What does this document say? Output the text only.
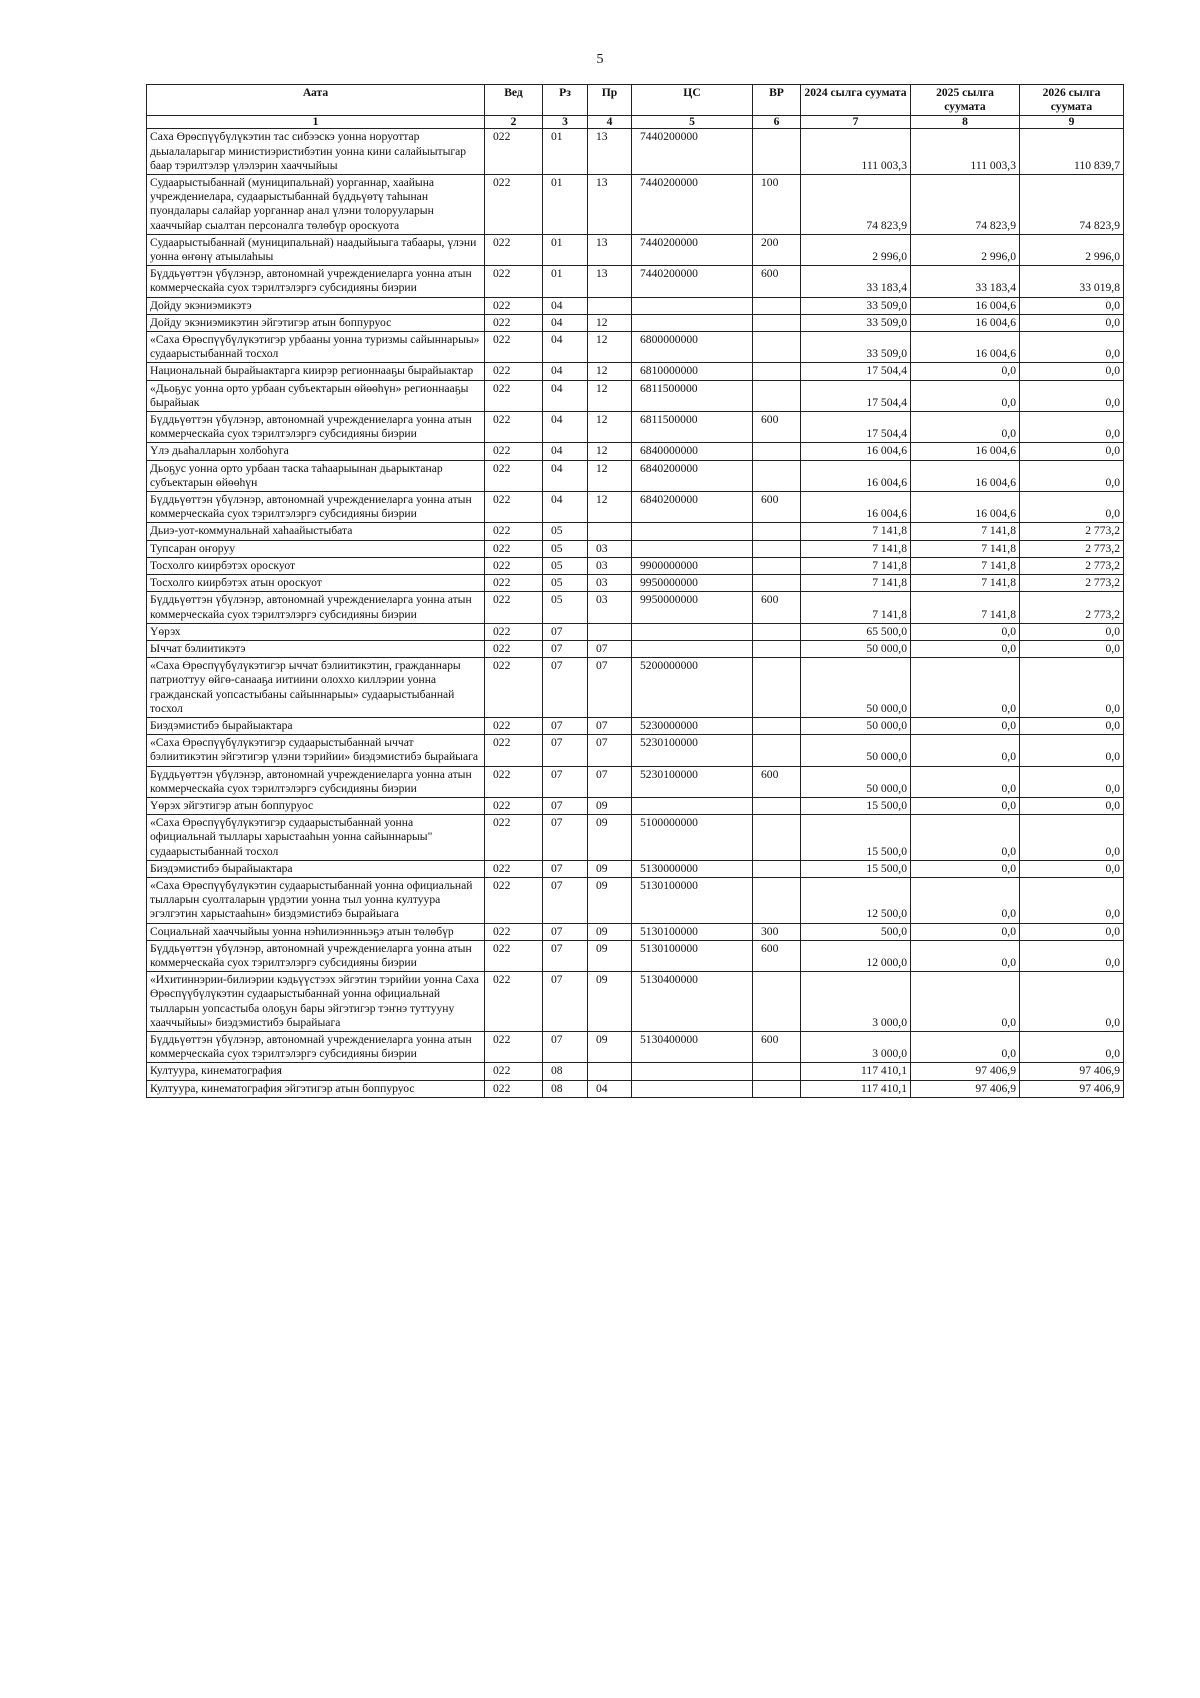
5
Аата	Вед	Рз	Пр	ЦС	ВР	2024 сылга суумата	2025 сылга суумата	2026 сылга суумата
1	2	3	4	5	6	7	8	9
Саха Өрөспүүбүлүкэтин тас сибээскэ уонна норуоттар дьыалаларыгар министиэристибэтин уонна кини салайыытыгар баар тэрилтэлэр үлэлэрин хааччыйыы	022	01	13	7440200000		111 003,3	111 003,3	110 839,7
Судаарыстыбаннай (муниципальнай) уорганнар, хаайына учреждениелара, судаарыстыбаннай бүддьүөтү таһынан пуондалары салайар уорганнар анал үлэни толорууларын хааччыйар сыалтан персоналга төлөбүр ороскуота	022	01	13	7440200000	100	74 823,9	74 823,9	74 823,9
Судаарыстыбаннай (муниципальнай) наадыйыыга табаары, үлэни уонна өҥөнү атыылаһыы	022	01	13	7440200000	200	2 996,0	2 996,0	2 996,0
Бүддьүөттэн үбүлэнэр, автономнай учреждениеларга уонна атын коммерческайа суох тэрилтэлэргэ субсидияны биэрии	022	01	13	7440200000	600	33 183,4	33 183,4	33 019,8
Дойду экэниэмикэтэ	022	04				33 509,0	16 004,6	0,0
Дойду экэниэмикэтин эйгэтигэр атын боппуруос	022	04	12			33 509,0	16 004,6	0,0
«Саха Өрөспүүбүлүкэтигэр урбааны уонна туризмы сайыннарыы» судаарыстыбаннай тосхол	022	04	12	6800000000		33 509,0	16 004,6	0,0
Национальнай бырайыактарга киирэр регионнааҕы бырайыактар	022	04	12	6810000000		17 504,4	0,0	0,0
«Дьоҕус уонна орто урбаан субъектарын өйөөһүн» регионнааҕы бырайыак	022	04	12	6811500000		17 504,4	0,0	0,0
Бүддьүөттэн үбүлэнэр, автономнай учреждениеларга уонна атын коммерческайа суох тэрилтэлэргэ субсидияны биэрии	022	04	12	6811500000	600	17 504,4	0,0	0,0
Үлэ дьаһалларын холбоһуга	022	04	12	6840000000		16 004,6	16 004,6	0,0
Дьоҕус уонна орто урбаан таска таһаарыынан дьарыктанар субъектарын өйөөһүн	022	04	12	6840200000		16 004,6	16 004,6	0,0
Бүддьүөттэн үбүлэнэр, автономнай учреждениеларга уонна атын коммерческайа суох тэрилтэлэргэ субсидияны биэрии	022	04	12	6840200000	600	16 004,6	16 004,6	0,0
Дьиэ-уот-коммунальнай хаһаайыстыбата	022	05				7 141,8	7 141,8	2 773,2
Тупсаран оҥоруу	022	05	03			7 141,8	7 141,8	2 773,2
Тосхолго киирбэтэх ороскуот	022	05	03	9900000000		7 141,8	7 141,8	2 773,2
Тосхолго киирбэтэх атын ороскуот	022	05	03	9950000000		7 141,8	7 141,8	2 773,2
Бүддьүөттэн үбүлэнэр, автономнай учреждениеларга уонна атын коммерческайа суох тэрилтэлэргэ субсидияны биэрии	022	05	03	9950000000	600	7 141,8	7 141,8	2 773,2
Үөрэх	022	07				65 500,0	0,0	0,0
Ыччат бэлиитикэтэ	022	07	07			50 000,0	0,0	0,0
«Саха Өрөспүүбүлүкэтигэр ыччат бэлиитикэтин, гражданнары патриоттуу өйгө-санааҕа иитиини олоххо киллэрии уонна гражданскай уопсастыбаны сайыннарыы» судаарыстыбаннай тосхол	022	07	07	5200000000		50 000,0	0,0	0,0
Биэдэмистибэ бырайыактара	022	07	07	5230000000		50 000,0	0,0	0,0
«Саха Өрөспүүбүлүкэтигэр судаарыстыбаннай ыччат бэлиитикэтин эйгэтигэр үлэни тэрийии» биэдэмистибэ бырайыага	022	07	07	5230100000		50 000,0	0,0	0,0
Бүддьүөттэн үбүлэнэр, автономнай учреждениеларга уонна атын коммерческайа суох тэрилтэлэргэ субсидияны биэрии	022	07	07	5230100000	600	50 000,0	0,0	0,0
Үөрэх эйгэтигэр атын боппуруос	022	07	09			15 500,0	0,0	0,0
«Саха Өрөспүүбүлүкэтигэр судаарыстыбаннай уонна официальнай тыллары харыстааһын уонна сайыннарыы" судаарыстыбаннай тосхол	022	07	09	5100000000		15 500,0	0,0	0,0
Биэдэмистибэ бырайыактара	022	07	09	5130000000		15 500,0	0,0	0,0
«Саха Өрөспүүбүлүкэтин судаарыстыбаннай уонна официальнай тылларын суолталарын үрдэтии уонна тыл уонна култуура эгэлгэтин харыстааһын» биэдэмистибэ бырайыага	022	07	09	5130100000		12 500,0	0,0	0,0
Социальнай хааччыйыы уонна нэһилиэннньэҕэ атын төлөбүр	022	07	09	5130100000	300	500,0	0,0	0,0
Бүддьүөттэн үбүлэнэр, автономнай учреждениеларга уонна атын коммерческайа суох тэрилтэлэргэ субсидияны биэрии	022	07	09	5130100000	600	12 000,0	0,0	0,0
«Ихитиннэрии-билиэрии кэдьүүстээх эйгэтин тэрийии уонна Саха Өрөспүүбүлүкэтин судаарыстыбаннай уонна официальнай тылларын уопсастыба олоҕун бары эйгэтигэр тэҥнэ туттууну хааччыйыы» биэдэмистибэ бырайыага	022	07	09	5130400000		3 000,0	0,0	0,0
Бүддьүөттэн үбүлэнэр, автономнай учреждениеларга уонна атын коммерческайа суох тэрилтэлэргэ субсидияны биэрии	022	07	09	5130400000	600	3 000,0	0,0	0,0
Култуура, кинематография	022	08				117 410,1	97 406,9	97 406,9
Култуура, кинематография эйгэтигэр атын боппуруос	022	08	04			117 410,1	97 406,9	97 406,9
